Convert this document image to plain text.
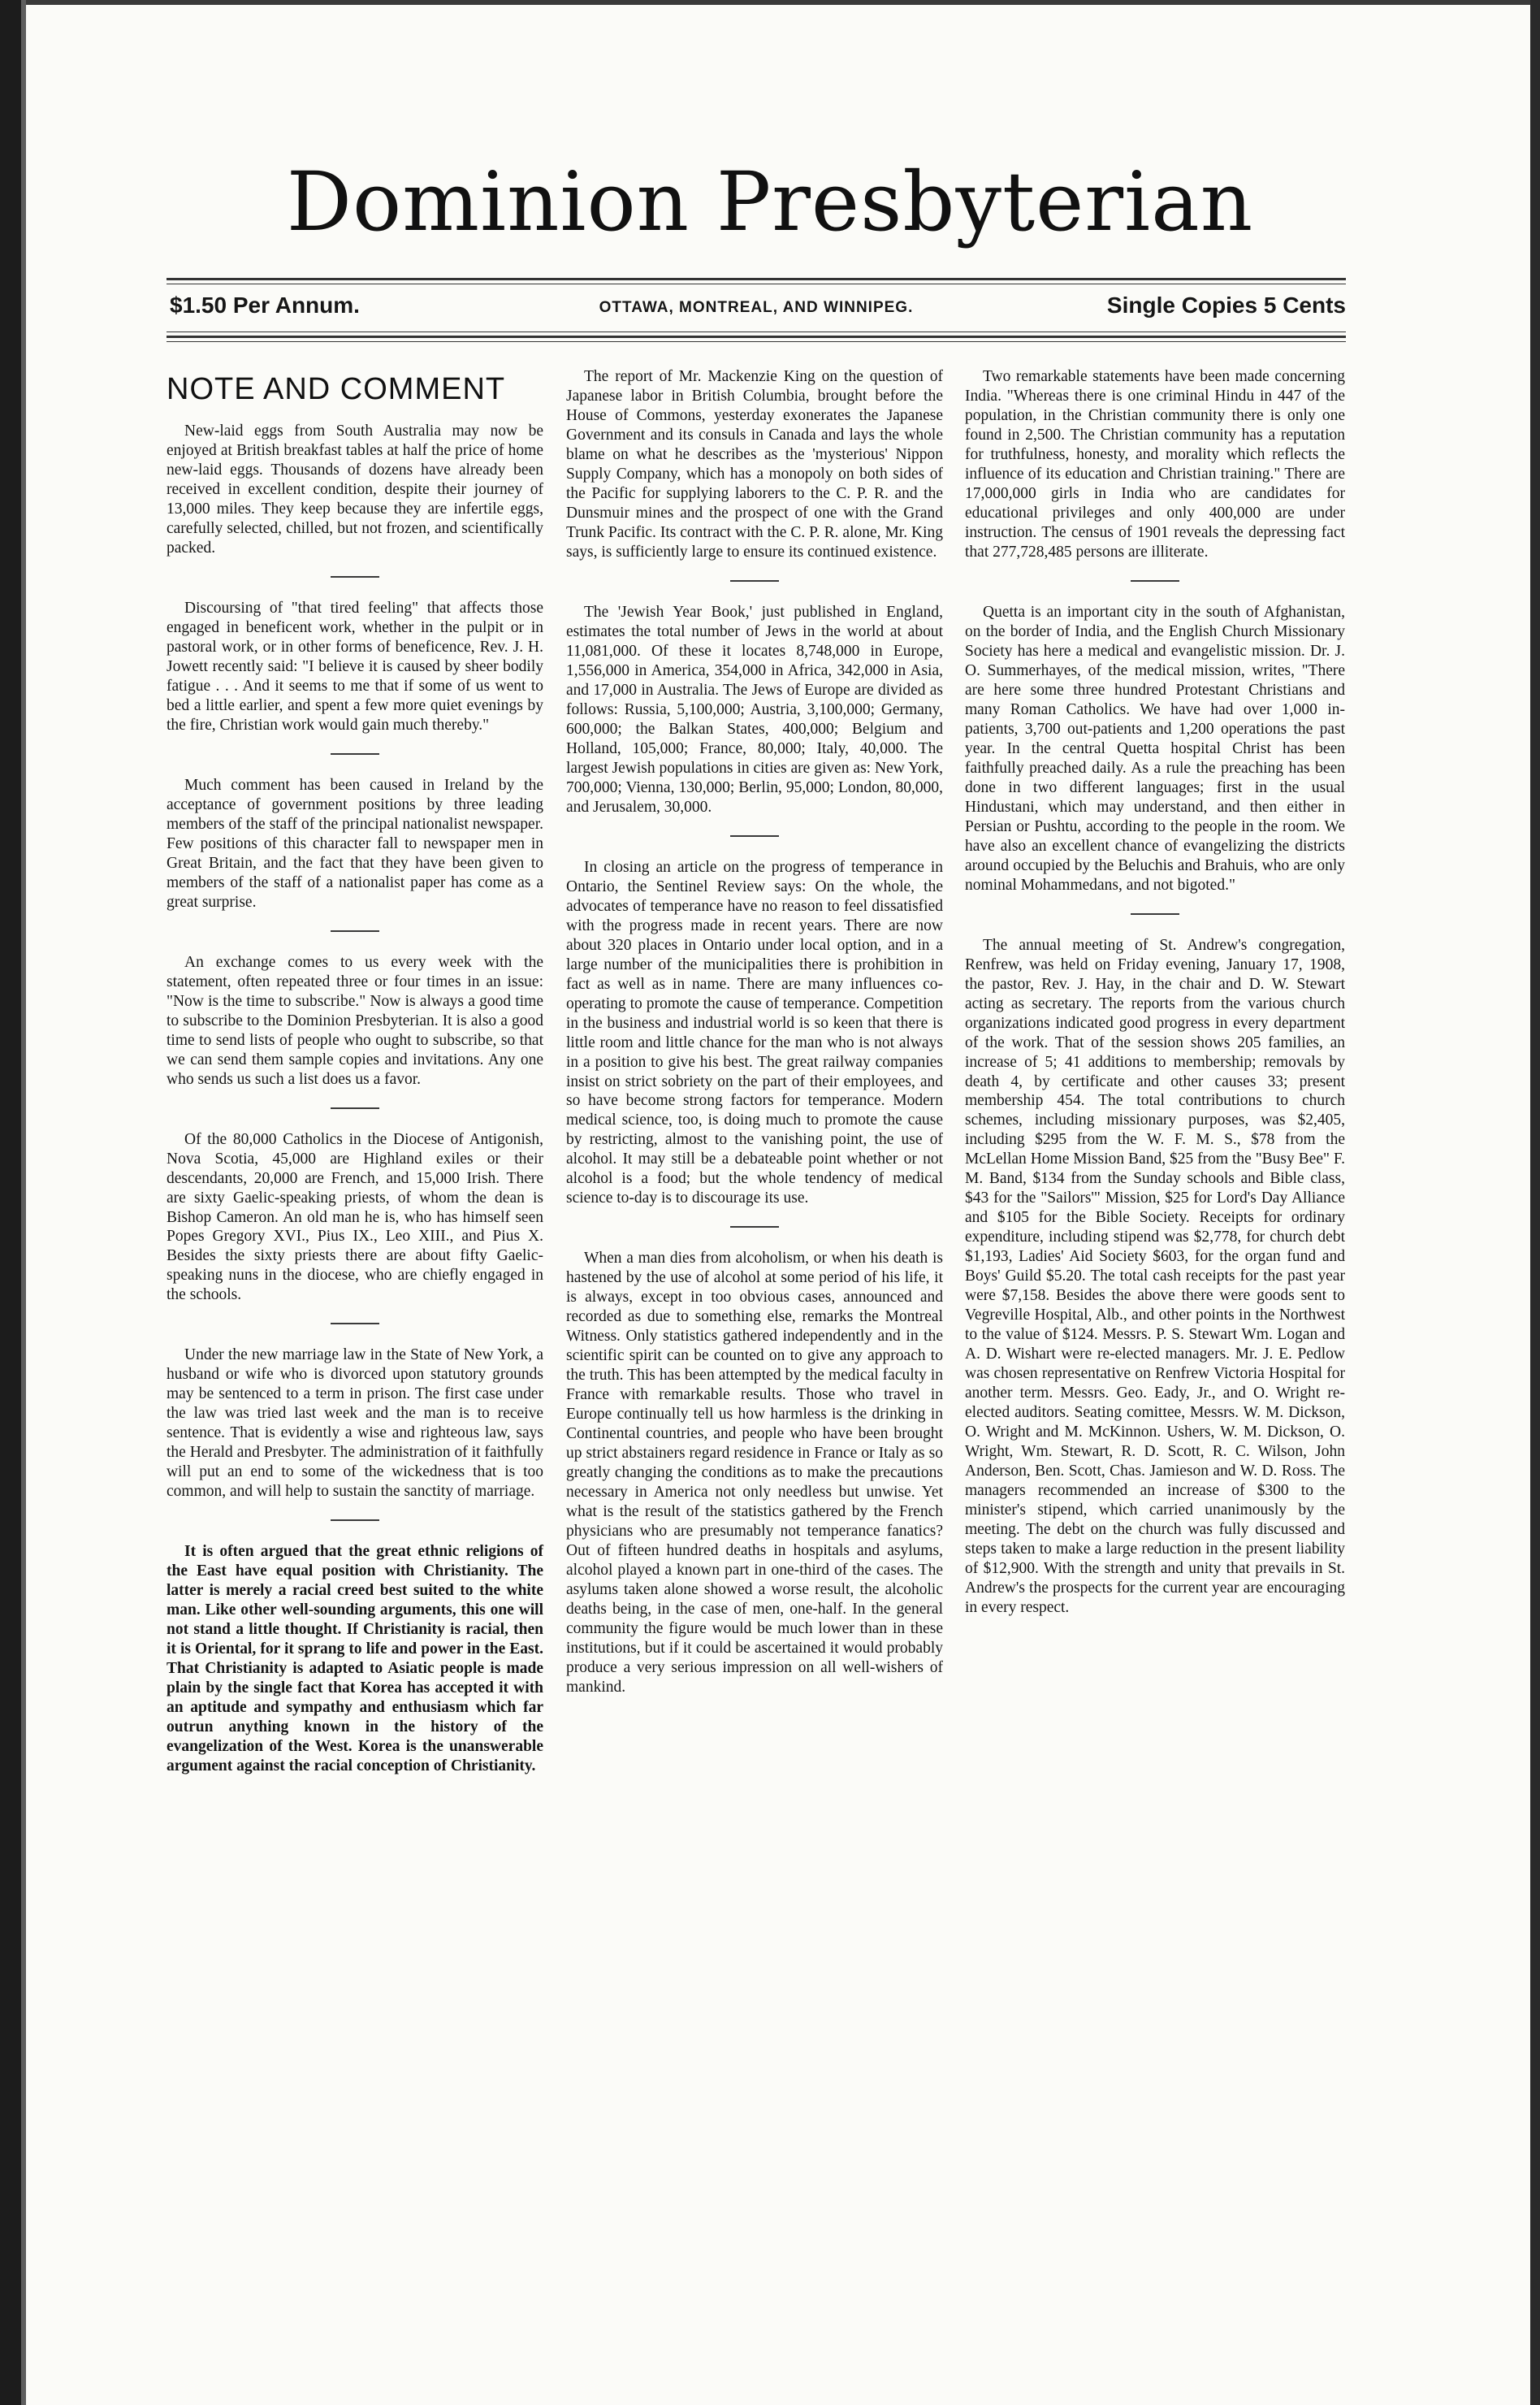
Dominion Presbyterian
$1.50 Per Annum.	OTTAWA, MONTREAL, AND WINNIPEG.	Single Copies 5 Cents
NOTE AND COMMENT

New-laid eggs from South Australia may now be enjoyed at British breakfast tables at half the price of home new-laid eggs. Thousands of dozens have already been received in excellent condition, despite their journey of 13,000 miles. They keep because they are infertile eggs, carefully selected, chilled, but not frozen, and scientifically packed.

Discoursing of "that tired feeling" that affects those engaged in beneficent work, whether in the pulpit or in pastoral work, or in other forms of beneficence, Rev. J. H. Jowett recently said: "I believe it is caused by sheer bodily fatigue . . . And it seems to me that if some of us went to bed a little earlier, and spent a few more quiet evenings by the fire, Christian work would gain much thereby."

Much comment has been caused in Ireland by the acceptance of government positions by three leading members of the staff of the principal nationalist newspaper. Few positions of this character fall to newspaper men in Great Britain, and the fact that they have been given to members of the staff of a nationalist paper has come as a great surprise.

An exchange comes to us every week with the statement, often repeated three or four times in an issue: "Now is the time to subscribe." Now is always a good time to subscribe to the Dominion Presbyterian. It is also a good time to send lists of people who ought to subscribe, so that we can send them sample copies and invitations. Any one who sends us such a list does us a favor.

Of the 80,000 Catholics in the Diocese of Antigonish, Nova Scotia, 45,000 are Highland exiles or their descendants, 20,000 are French, and 15,000 Irish. There are sixty Gaelic-speaking priests, of whom the dean is Bishop Cameron. An old man he is, who has himself seen Popes Gregory XVI., Pius IX., Leo XIII., and Pius X. Besides the sixty priests there are about fifty Gaelic-speaking nuns in the diocese, who are chiefly engaged in the schools.

Under the new marriage law in the State of New York, a husband or wife who is divorced upon statutory grounds may be sentenced to a term in prison. The first case under the law was tried last week and the man is to receive sentence. That is evidently a wise and righteous law, says the Herald and Presbyter. The administration of it faithfully will put an end to some of the wickedness that is too common, and will help to sustain the sanctity of marriage.

It is often argued that the great ethnic religions of the East have equal position with Christianity. The latter is merely a racial creed best suited to the white man. Like other well-sounding arguments, this one will not stand a little thought. If Christianity is racial, then it is Oriental, for it sprang to life and power in the East. That Christianity is adapted to Asiatic people is made plain by the single fact that Korea has accepted it with an aptitude and sympathy and enthusiasm which far outrun anything known in the history of the evangelization of the West. Korea is the unanswerable argument against the racial conception of Christianity.

The report of Mr. Mackenzie King on the question of Japanese labor in British Columbia, brought before the House of Commons, yesterday exonerates the Japanese Government and its consuls in Canada and lays the whole blame on what he describes as the 'mysterious' Nippon Supply Company, which has a monopoly on both sides of the Pacific for supplying laborers to the C. P. R. and the Dunsmuir mines and the prospect of one with the Grand Trunk Pacific. Its contract with the C. P. R. alone, Mr. King says, is sufficiently large to ensure its continued existence.

The 'Jewish Year Book,' just published in England, estimates the total number of Jews in the world at about 11,081,000. Of these it locates 8,748,000 in Europe, 1,556,000 in America, 354,000 in Africa, 342,000 in Asia, and 17,000 in Australia. The Jews of Europe are divided as follows: Russia, 5,100,000; Austria, 3,100,000; Germany, 600,000; the Balkan States, 400,000; Belgium and Holland, 105,000; France, 80,000; Italy, 40,000. The largest Jewish populations in cities are given as: New York, 700,000; Vienna, 130,000; Berlin, 95,000; London, 80,000, and Jerusalem, 30,000.

In closing an article on the progress of temperance in Ontario, the Sentinel Review says: On the whole, the advocates of temperance have no reason to feel dissatisfied with the progress made in recent years. There are now about 320 places in Ontario under local option, and in a large number of the municipalities there is prohibition in fact as well as in name. There are many influences co-operating to promote the cause of temperance. Competition in the business and industrial world is so keen that there is little room and little chance for the man who is not always in a position to give his best. The great railway companies insist on strict sobriety on the part of their employees, and so have become strong factors for temperance. Modern medical science, too, is doing much to promote the cause by restricting, almost to the vanishing point, the use of alcohol. It may still be a debateable point whether or not alcohol is a food; but the whole tendency of medical science to-day is to discourage its use.

When a man dies from alcoholism, or when his death is hastened by the use of alcohol at some period of his life, it is always, except in too obvious cases, announced and recorded as due to something else, remarks the Montreal Witness. Only statistics gathered independently and in the scientific spirit can be counted on to give any approach to the truth. This has been attempted by the medical faculty in France with remarkable results. Those who travel in Europe continually tell us how harmless is the drinking in Continental countries, and people who have been brought up strict abstainers regard residence in France or Italy as so greatly changing the conditions as to make the precautions necessary in America not only needless but unwise. Yet what is the result of the statistics gathered by the French physicians who are presumably not temperance fanatics? Out of fifteen hundred deaths in hospitals and asylums, alcohol played a known part in one-third of the cases. The asylums taken alone showed a worse result, the alcoholic deaths being, in the case of men, one-half. In the general community the figure would be much lower than in these institutions, but if it could be ascertained it would probably produce a very serious impression on all well-wishers of mankind.

Two remarkable statements have been made concerning India. "Whereas there is one criminal Hindu in 447 of the population, in the Christian community there is only one found in 2,500. The Christian community has a reputation for truthfulness, honesty, and morality which reflects the influence of its education and Christian training." There are 17,000,000 girls in India who are candidates for educational privileges and only 400,000 are under instruction. The census of 1901 reveals the depressing fact that 277,728,485 persons are illiterate.

Quetta is an important city in the south of Afghanistan, on the border of India, and the English Church Missionary Society has here a medical and evangelistic mission. Dr. J. O. Summerhayes, of the medical mission, writes, "There are here some three hundred Protestant Christians and many Roman Catholics. We have had over 1,000 in-patients, 3,700 out-patients and 1,200 operations the past year. In the central Quetta hospital Christ has been faithfully preached daily. As a rule the preaching has been done in two different languages; first in the usual Hindustani, which may understand, and then either in Persian or Pushtu, according to the people in the room. We have also an excellent chance of evangelizing the districts around occupied by the Beluchis and Brahuis, who are only nominal Mohammedans, and not bigoted."

The annual meeting of St. Andrew's congregation, Renfrew, was held on Friday evening, January 17, 1908, the pastor, Rev. J. Hay, in the chair and D. W. Stewart acting as secretary. The reports from the various church organizations indicated good progress in every department of the work. That of the session shows 205 families, an increase of 5; 41 additions to membership; removals by death 4, by certificate and other causes 33; present membership 454. The total contributions to church schemes, including missionary purposes, was $2,405, including $295 from the W. F. M. S., $78 from the McLellan Home Mission Band, $25 from the "Busy Bee" F. M. Band, $134 from the Sunday schools and Bible class, $43 for the "Sailors'" Mission, $25 for Lord's Day Alliance and $105 for the Bible Society. Receipts for ordinary expenditure, including stipend was $2,778, for church debt $1,193, Ladies' Aid Society $603, for the organ fund and Boys' Guild $5.20. The total cash receipts for the past year were $7,158. Besides the above there were goods sent to Vegreville Hospital, Alb., and other points in the Northwest to the value of $124. Messrs. P. S. Stewart Wm. Logan and A. D. Wishart were re-elected managers. Mr. J. E. Pedlow was chosen representative on Renfrew Victoria Hospital for another term. Messrs. Geo. Eady, Jr., and O. Wright re-elected auditors. Seating comittee, Messrs. W. M. Dickson, O. Wright and M. McKinnon. Ushers, W. M. Dickson, O. Wright, Wm. Stewart, R. D. Scott, R. C. Wilson, John Anderson, Ben. Scott, Chas. Jamieson and W. D. Ross. The managers recommended an increase of $300 to the minister's stipend, which carried unanimously by the meeting. The debt on the church was fully discussed and steps taken to make a large reduction in the present liability of $12,900. With the strength and unity that prevails in St. Andrew's the prospects for the current year are encouraging in every respect.
